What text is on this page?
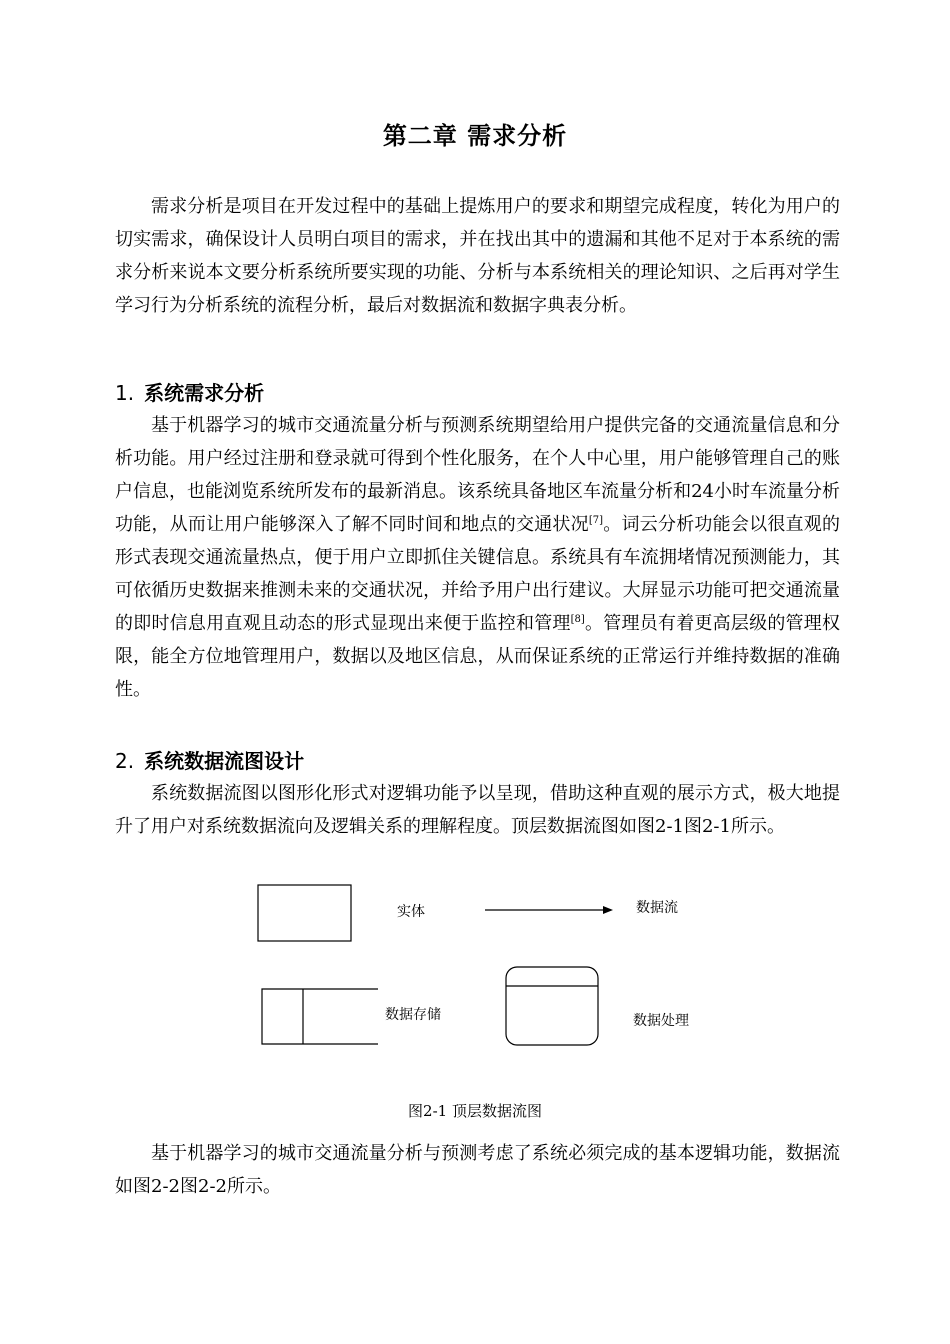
第二章 需求分析

需求分析是项目在开发过程中的基础上提炼用户的要求和期望完成程度，转化为用户的切实需求，确保设计人员明白项目的需求，并在找出其中的遗漏和其他不足对于本系统的需求分析来说本文要分析系统所要实现的功能、分析与本系统相关的理论知识、之后再对学生学习行为分析系统的流程分析，最后对数据流和数据字典表分析。

1. 系统需求分析

基于机器学习的城市交通流量分析与预测系统期望给用户提供完备的交通流量信息和分析功能。用户经过注册和登录就可得到个性化服务，在个人中心里，用户能够管理自己的账户信息，也能浏览系统所发布的最新消息。该系统具备地区车流量分析和24小时车流量分析功能，从而让用户能够深入了解不同时间和地点的交通状况[7]。词云分析功能会以很直观的形式表现交通流量热点，便于用户立即抓住关键信息。系统具有车流拥堵情况预测能力，其可依循历史数据来推测未来的交通状况，并给予用户出行建议。大屏显示功能可把交通流量的即时信息用直观且动态的形式显现出来便于监控和管理[8]。管理员有着更高层级的管理权限，能全方位地管理用户，数据以及地区信息，从而保证系统的正常运行并维持数据的准确性。

2. 系统数据流图设计

系统数据流图以图形化形式对逻辑功能予以呈现，借助这种直观的展示方式，极大地提升了用户对系统数据流向及逻辑关系的理解程度。顶层数据流图如图2-1图2-1所示。

实体	数据流
数据存储	数据处理
图2-1 顶层数据流图

基于机器学习的城市交通流量分析与预测考虑了系统必须完成的基本逻辑功能，数据流如图2-2图2-2所示。
